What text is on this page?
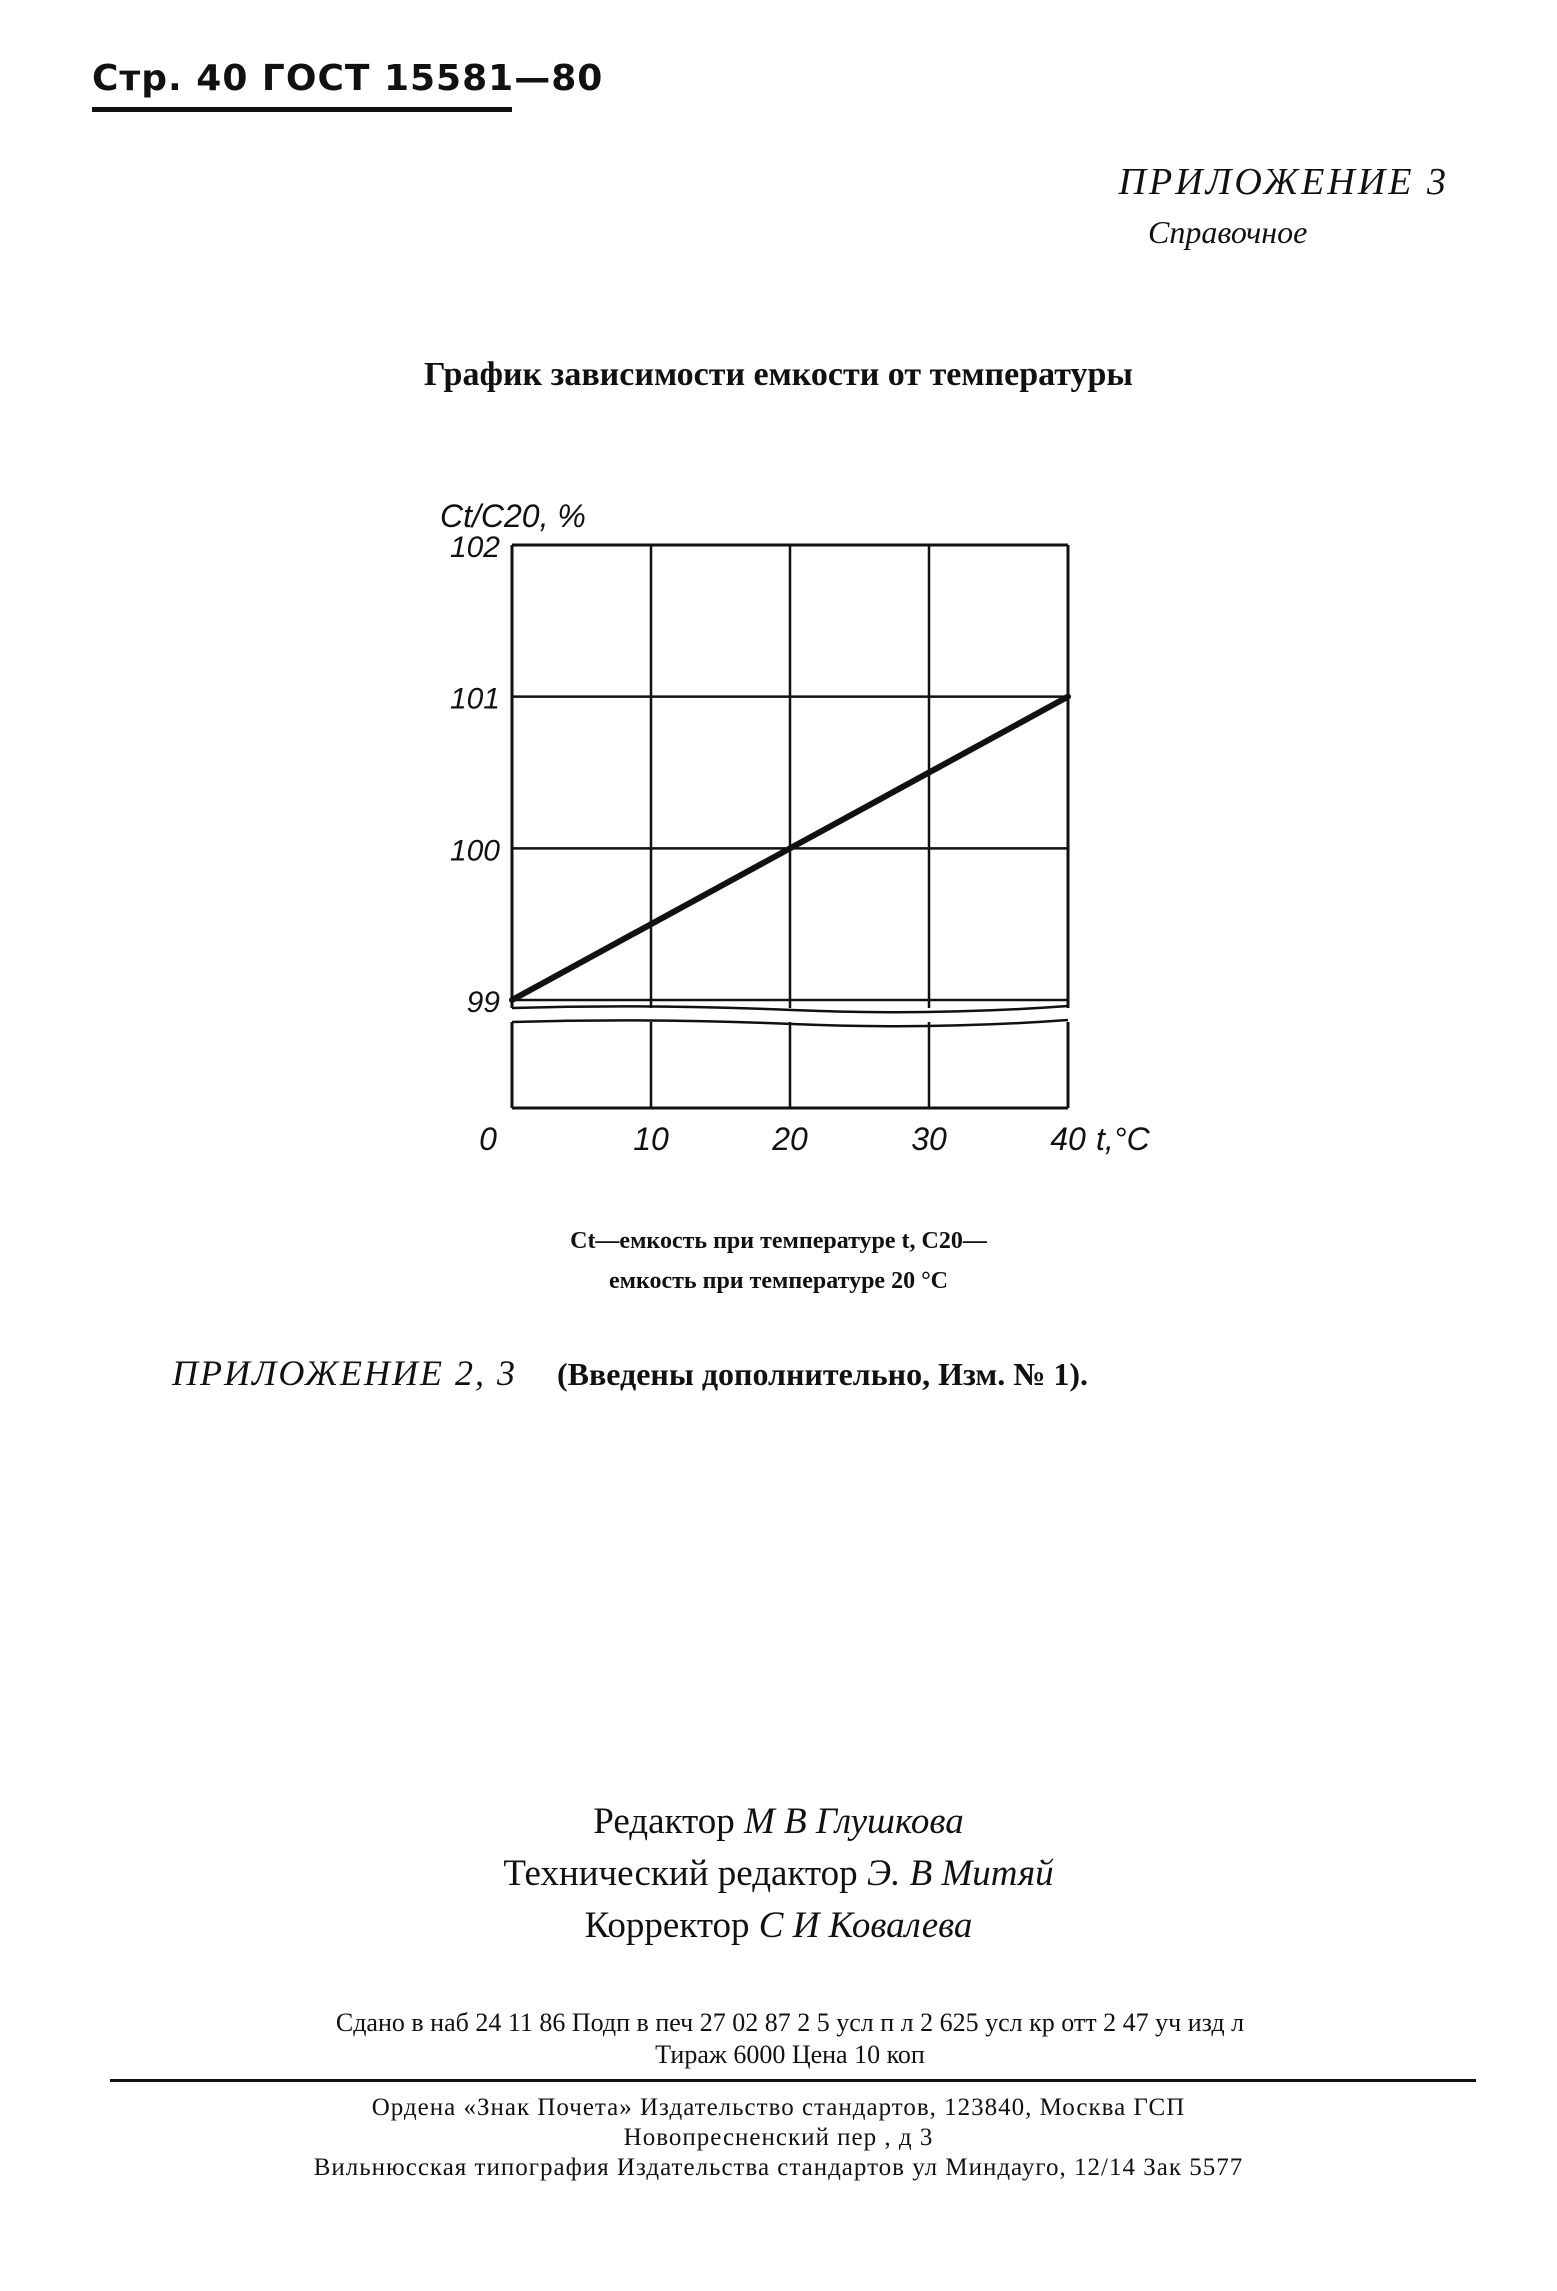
Стр. 40 ГОСТ 15581—80
ПРИЛОЖЕНИЕ 3
Справочное
График зависимости емкости от температуры
99
101
100
102
0	10	20	30	40
Ct/C20, %
t,°C
Ct—емкость при температуре t, C20—
емкость при температуре 20 °С
ПРИЛОЖЕНИЕ 2, 3 (Введены дополнительно, Изм. № 1).
Редактор М В Глушкова
Технический редактор Э. В Митяй
Корректор С И Ковалева
Сдано в наб 24 11 86 Подп в печ 27 02 87 2 5 усл п л 2 625 усл кр отт 2 47 уч изд л
Тираж 6000 Цена 10 коп
Ордена «Знак Почета» Издательство стандартов, 123840, Москва ГСП
Новопресненский пер , д 3
Вильнюсская типография Издательства стандартов ул Миндауго, 12/14 Зак 5577
